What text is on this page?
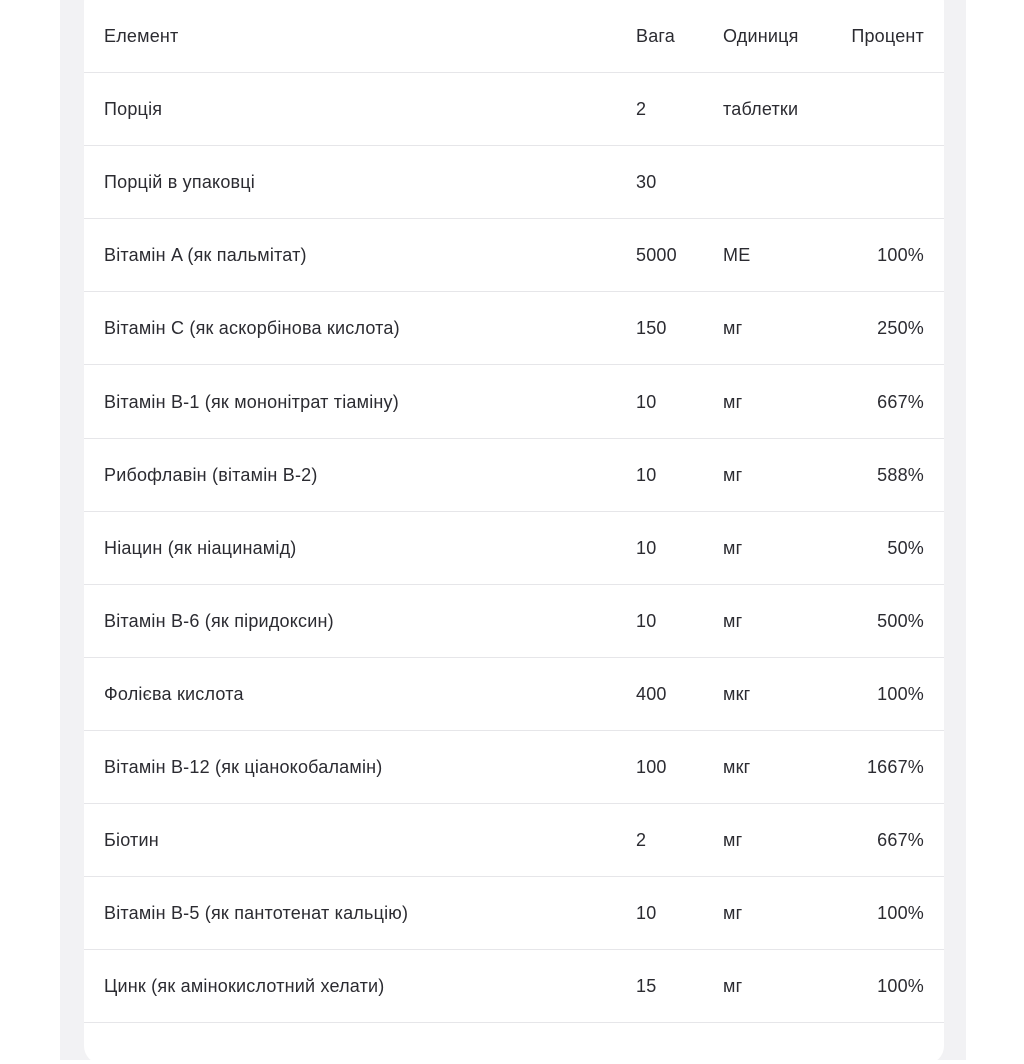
Елемент	Вага	Одиниця	Процент
Порція	2	таблетки
Порцій в упаковці	30
Вітамін A (як пальмітат)	5000	МЕ	100%
Вітамін C (як аскорбінова кислота)	150	мг	250%
Вітамін B-1 (як мононітрат тіаміну)	10	мг	667%
Рибофлавін (вітамін B-2)	10	мг	588%
Ніацин (як ніацинамід)	10	мг	50%
Вітамін B-6 (як піридоксин)	10	мг	500%
Фолієва кислота	400	мкг	100%
Вітамін B-12 (як ціанокобаламін)	100	мкг	1667%
Біотин	2	мг	667%
Вітамін B-5 (як пантотенат кальцію)	10	мг	100%
Цинк (як амінокислотний хелати)	15	мг	100%
